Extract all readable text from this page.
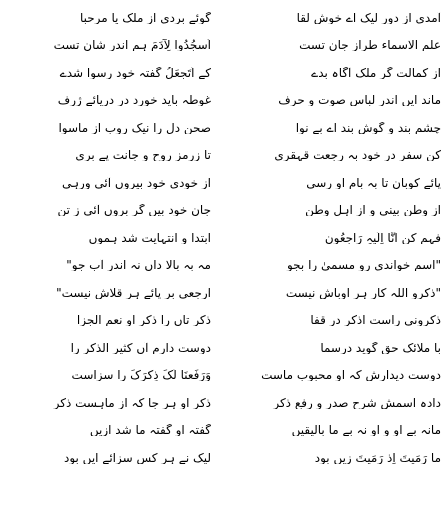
آمدی از دور لیک اے خوش لقا
گوئے بردی از ملک یا مرحبا
علم الاسماء طراز جان تست
اُسجُدُوا لِآدَمَ ہم اندر شان تست
از کمالت گر ملک آگاہ بدے
کے اَتَجعَلُ گفتہ خود رسوا شدے
ماند ایں اندر لباس صوت و حرف
غوطہ باید خورد در دریائے ژرف
چشم بند و گوش بند اے بے نوا
صحن دل را نیک روب از ماسوا
کن سفر در خود بہ رجعت قہقری
تا زرمز روح و جانت پے بری
پائے کوبان تا بہ بام او رسی
از خودی خود بیروں آئی ورہی
از وطن بینی و از اہل وطن
جان خود بیں گر بروں آئی ز تن
فہم کن اَنَّا اِلَیہِ رَاجِعُون
ابتدا و انتہایت شد ہموں
"اسم خواندی رو مسمیٰ را بجو
مہ بہ بالا داں نہ اندر آب جو"
"ذکرو اللہ کار ہر اوباش نیست
ارجعی بر پائے ہر قلاش نیست"
ذکرونی راست اذکر در قفا
ذکر تاں را ذکر او نعم الجزا
با ملائک حق گوید درسما
دوست دارم آں کثیر الذکر را
دوست دیدارش کہ او محبوب ماست
وَرَفَعنَا لَکَ ذِکرَکَ را سزاست
دادہ اسمش شرح صدر و رفع ذکر
ذکر او ہر جا کہ از ماہست ذکر
مانہ بے او و او نہ بے ما بالیقیں
گفتہ او گفتہ ما شد ازیں
ما رَمَیتَ اِذ رَمَیتَ زیں بود
لیک نے ہر کس سزائے ایں بود
